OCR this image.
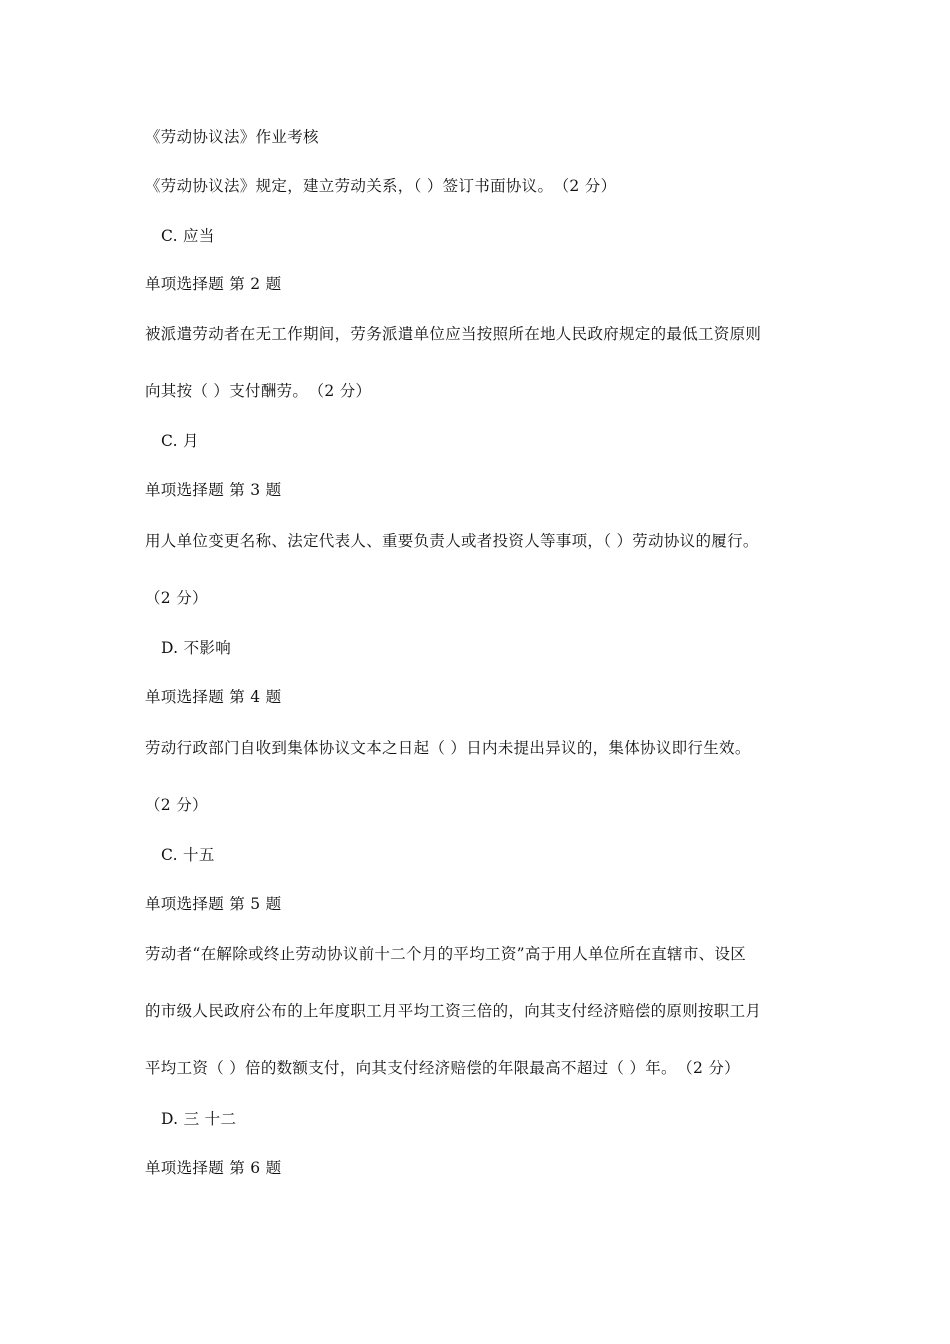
《劳动协议法》作业考核
《劳动协议法》规定，建立劳动关系，（ ）签订书面协议。　（2 分）
C. 应当
单项选择题 第 2 题
被派遣劳动者在无工作期间，劳务派遣单位应当按照所在地人民政府规定的最低工资原则
向其按（ ）支付酬劳。　（2 分）
C. 月
单项选择题 第 3 题
用人单位变更名称、法定代表人、重要负责人或者投资人等事项，（ ）劳动协议的履行。
（2 分）
D. 不影响
单项选择题 第 4 题
劳动行政部门自收到集体协议文本之日起（ ）日内未提出异议的，集体协议即行生效。
（2 分）
C. 十五
单项选择题 第 5 题
劳动者“在解除或终止劳动协议前十二个月的平均工资”高于用人单位所在直辖市、设区
的市级人民政府公布的上年度职工月平均工资三倍的，向其支付经济赔偿的原则按职工月
平均工资（ ）倍的数额支付，向其支付经济赔偿的年限最高不超过（ ）年。　（2 分）
D. 三 十二
单项选择题 第 6 题
